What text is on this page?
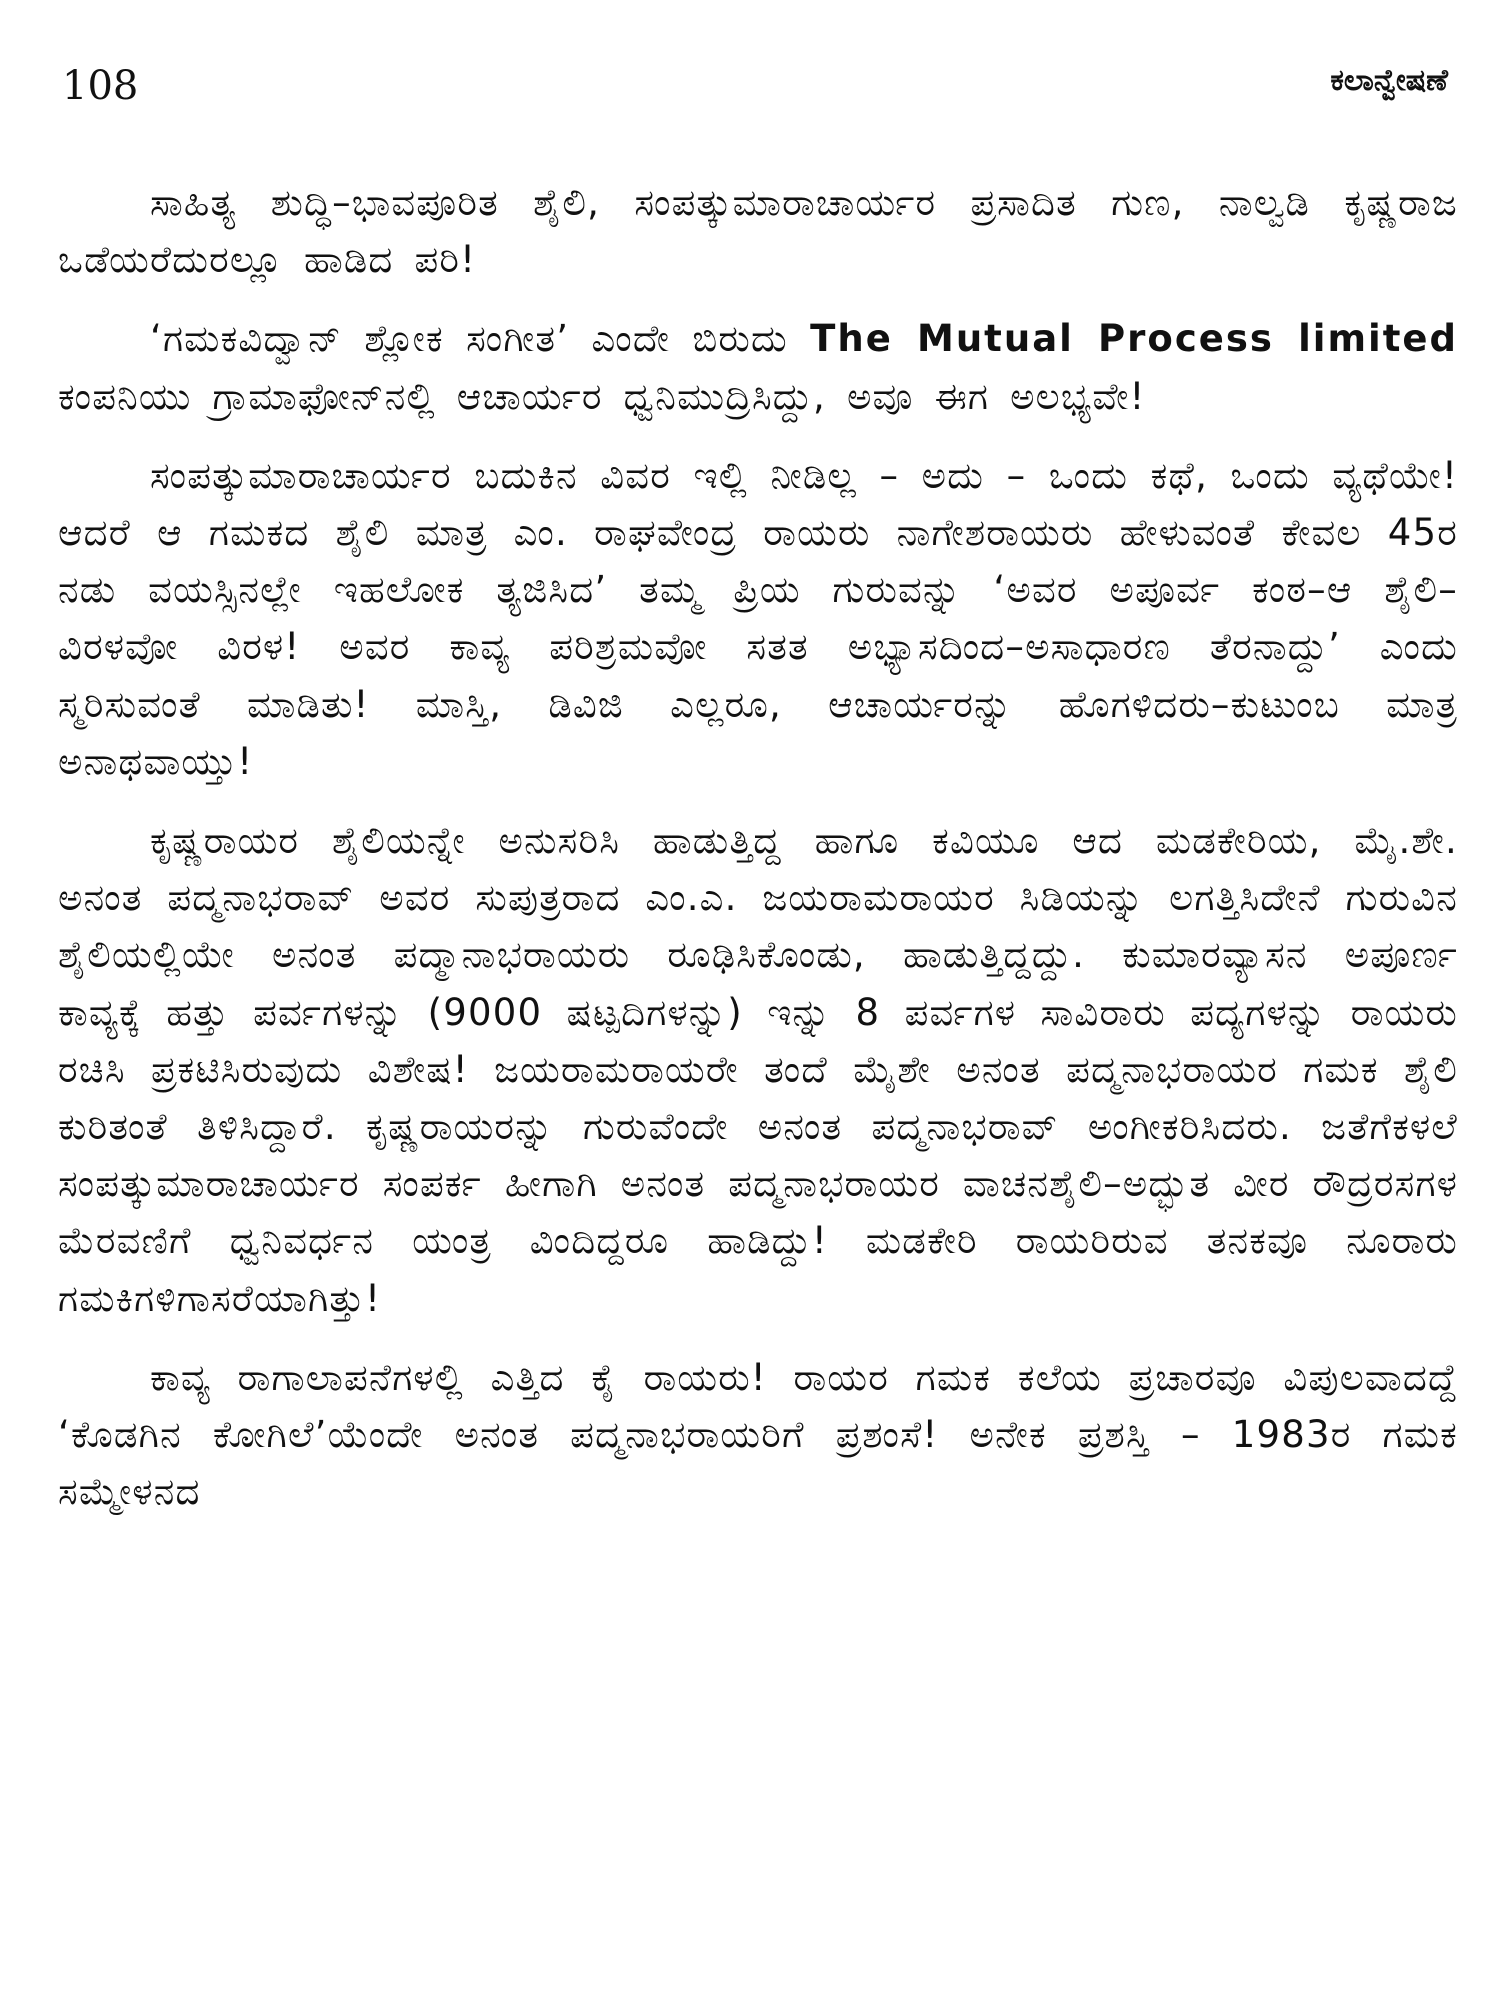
108	ಕಲಾನ್ವೇಷಣೆ

ಸಾಹಿತ್ಯ ಶುದ್ಧಿ–ಭಾವಪೂರಿತ ಶೈಲಿ, ಸಂಪತ್ಕುಮಾರಾಚಾರ್ಯರ ಪ್ರಸಾದಿತ ಗುಣ, ನಾಲ್ವಡಿ ಕೃಷ್ಣರಾಜ ಒಡೆಯರೆದುರಲ್ಲೂ ಹಾಡಿದ ಪರಿ!

‘ಗಮಕವಿದ್ವಾನ್ ಶ್ಲೋಕ ಸಂಗೀತ’ ಎಂದೇ ಬಿರುದು The Mutual Process limited ಕಂಪನಿಯು ಗ್ರಾಮಾಫೋನ್‌ನಲ್ಲಿ ಆಚಾರ್ಯರ ಧ್ವನಿಮುದ್ರಿಸಿದ್ದು, ಅವೂ ಈಗ ಅಲಭ್ಯವೇ!

ಸಂಪತ್ಕುಮಾರಾಚಾರ್ಯರ ಬದುಕಿನ ವಿವರ ಇಲ್ಲಿ ನೀಡಿಲ್ಲ – ಅದು – ಒಂದು ಕಥೆ, ಒಂದು ವ್ಯಥೆಯೇ! ಆದರೆ ಆ ಗಮಕದ ಶೈಲಿ ಮಾತ್ರ ಎಂ. ರಾಘವೇಂದ್ರ ರಾಯರು ನಾಗೇಶರಾಯರು ಹೇಳುವಂತೆ ಕೇವಲ 45ರ ನಡು ವಯಸ್ಸಿನಲ್ಲೇ ಇಹಲೋಕ ತ್ಯಜಿಸಿದ’ ತಮ್ಮ ಪ್ರಿಯ ಗುರುವನ್ನು ‘ಅವರ ಅಪೂರ್ವ ಕಂಠ–ಆ ಶೈಲಿ–ವಿರಳವೋ ವಿರಳ! ಅವರ ಕಾವ್ಯ ಪರಿಶ್ರಮವೋ ಸತತ ಅಭ್ಯಾಸದಿಂದ–ಅಸಾಧಾರಣ ತೆರನಾದ್ದು’ ಎಂದು ಸ್ಮರಿಸುವಂತೆ ಮಾಡಿತು! ಮಾಸ್ತಿ, ಡಿವಿಜಿ ಎಲ್ಲರೂ, ಆಚಾರ್ಯರನ್ನು ಹೊಗಳಿದರು–ಕುಟುಂಬ ಮಾತ್ರ ಅನಾಥವಾಯ್ತು!

ಕೃಷ್ಣರಾಯರ ಶೈಲಿಯನ್ನೇ ಅನುಸರಿಸಿ ಹಾಡುತ್ತಿದ್ದ ಹಾಗೂ ಕವಿಯೂ ಆದ ಮಡಕೇರಿಯ, ಮೈ.ಶೇ. ಅನಂತ ಪದ್ಮನಾಭರಾವ್ ಅವರ ಸುಪುತ್ರರಾದ ಎಂ.ಎ. ಜಯರಾಮರಾಯರ ಸಿಡಿಯನ್ನು ಲಗತ್ತಿಸಿದೇನೆ ಗುರುವಿನ ಶೈಲಿಯಲ್ಲಿಯೇ ಅನಂತ ಪದ್ಮಾನಾಭರಾಯರು ರೂಢಿಸಿಕೊಂಡು, ಹಾಡುತ್ತಿದ್ದದ್ದು. ಕುಮಾರವ್ಯಾಸನ ಅಪೂರ್ಣ ಕಾವ್ಯಕ್ಕೆ ಹತ್ತು ಪರ್ವಗಳನ್ನು (9000 ಷಟ್ಪದಿಗಳನ್ನು) ಇನ್ನು 8 ಪರ್ವಗಳ ಸಾವಿರಾರು ಪದ್ಯಗಳನ್ನು ರಾಯರು ರಚಿಸಿ ಪ್ರಕಟಿಸಿರುವುದು ವಿಶೇಷ! ಜಯರಾಮರಾಯರೇ ತಂದೆ ಮೈಶೇ ಅನಂತ ಪದ್ಮನಾಭರಾಯರ ಗಮಕ ಶೈಲಿ ಕುರಿತಂತೆ ತಿಳಿಸಿದ್ದಾರೆ. ಕೃಷ್ಣರಾಯರನ್ನು ಗುರುವೆಂದೇ ಅನಂತ ಪದ್ಮನಾಭರಾವ್ ಅಂಗೀಕರಿಸಿದರು. ಜತೆಗೆಕಳಲೆ ಸಂಪತ್ಕುಮಾರಾಚಾರ್ಯರ ಸಂಪರ್ಕ ಹೀಗಾಗಿ ಅನಂತ ಪದ್ಮನಾಭರಾಯರ ವಾಚನಶೈಲಿ–ಅದ್ಭುತ ವೀರ ರೌದ್ರರಸಗಳ ಮೆರವಣಿಗೆ ಧ್ವನಿವರ್ಧನ ಯಂತ್ರ ವಿಂದಿದ್ದರೂ ಹಾಡಿದ್ದು! ಮಡಕೇರಿ ರಾಯರಿರುವ ತನಕವೂ ನೂರಾರು ಗಮಕಿಗಳಿಗಾಸರೆಯಾಗಿತ್ತು!

ಕಾವ್ಯ ರಾಗಾಲಾಪನೆಗಳಲ್ಲಿ ಎತ್ತಿದ ಕೈ ರಾಯರು! ರಾಯರ ಗಮಕ ಕಲೆಯ ಪ್ರಚಾರವೂ ವಿಪುಲವಾದದ್ದೆ ‘ಕೊಡಗಿನ ಕೋಗಿಲೆ’ಯೆಂದೇ ಅನಂತ ಪದ್ಮನಾಭರಾಯರಿಗೆ ಪ್ರಶಂಸೆ! ಅನೇಕ ಪ್ರಶಸ್ತಿ – 1983ರ ಗಮಕ ಸಮ್ಮೇಳನದ
